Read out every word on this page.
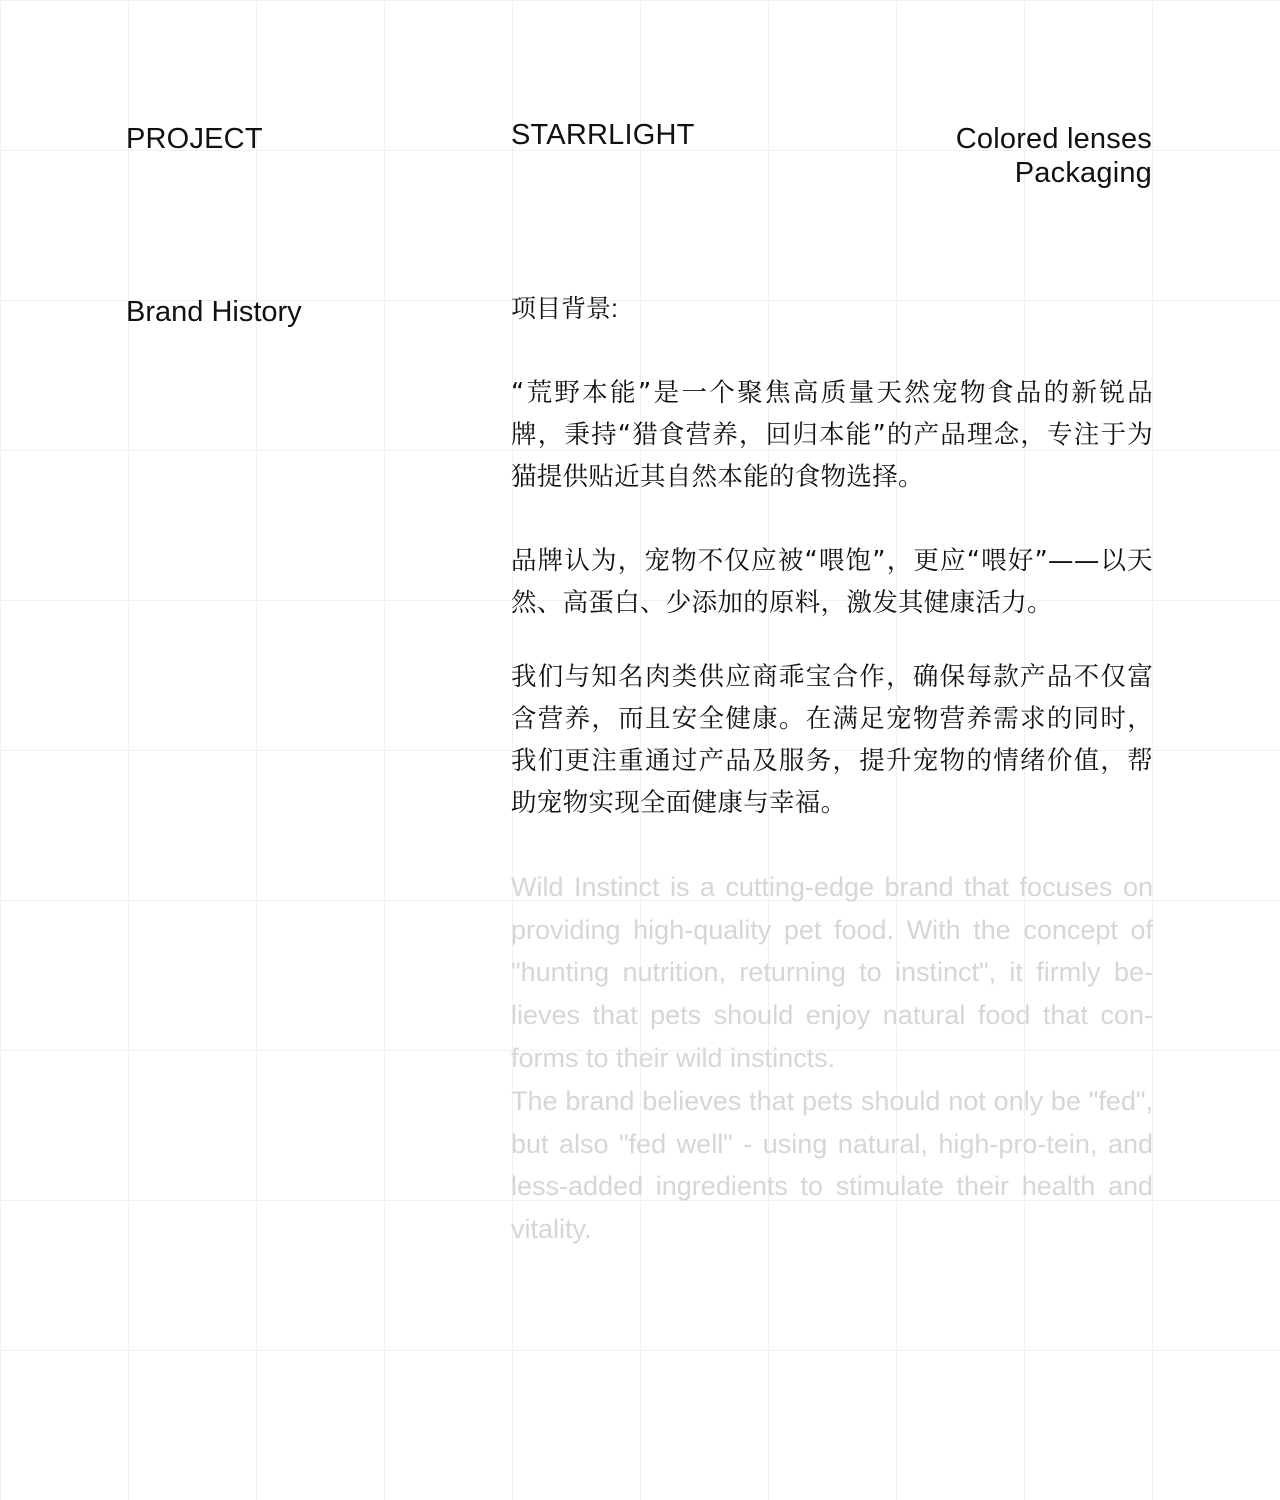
PROJECT	STARRLIGHT	Colored lenses
Packaging
Brand History	项目背景:

“荒野本能”是一个聚焦高质量天然宠物食品的新锐品牌，秉持“猎食营养，回归本能”的产品理念，专注于为猫提供贴近其自然本能的食物选择。

品牌认为，宠物不仅应被“喂饱”，更应“喂好”——以天然、高蛋白、少添加的原料，激发其健康活力。

我们与知名肉类供应商乖宝合作，确保每款产品不仅富含营养，而且安全健康。在满足宠物营养需求的同时，我们更注重通过产品及服务，提升宠物的情绪价值，帮助宠物实现全面健康与幸福。

Wild Instinct is a cutting-edge brand that focuses on providing high-quality pet food. With the concept of "hunting nutrition, returning to instinct", it firmly be-lieves that pets should enjoy natural food that con-forms to their wild instincts.

The brand believes that pets should not only be "fed", but also "fed well" - using natural, high-pro-tein, and less-added ingredients to stimulate their health and vitality.
